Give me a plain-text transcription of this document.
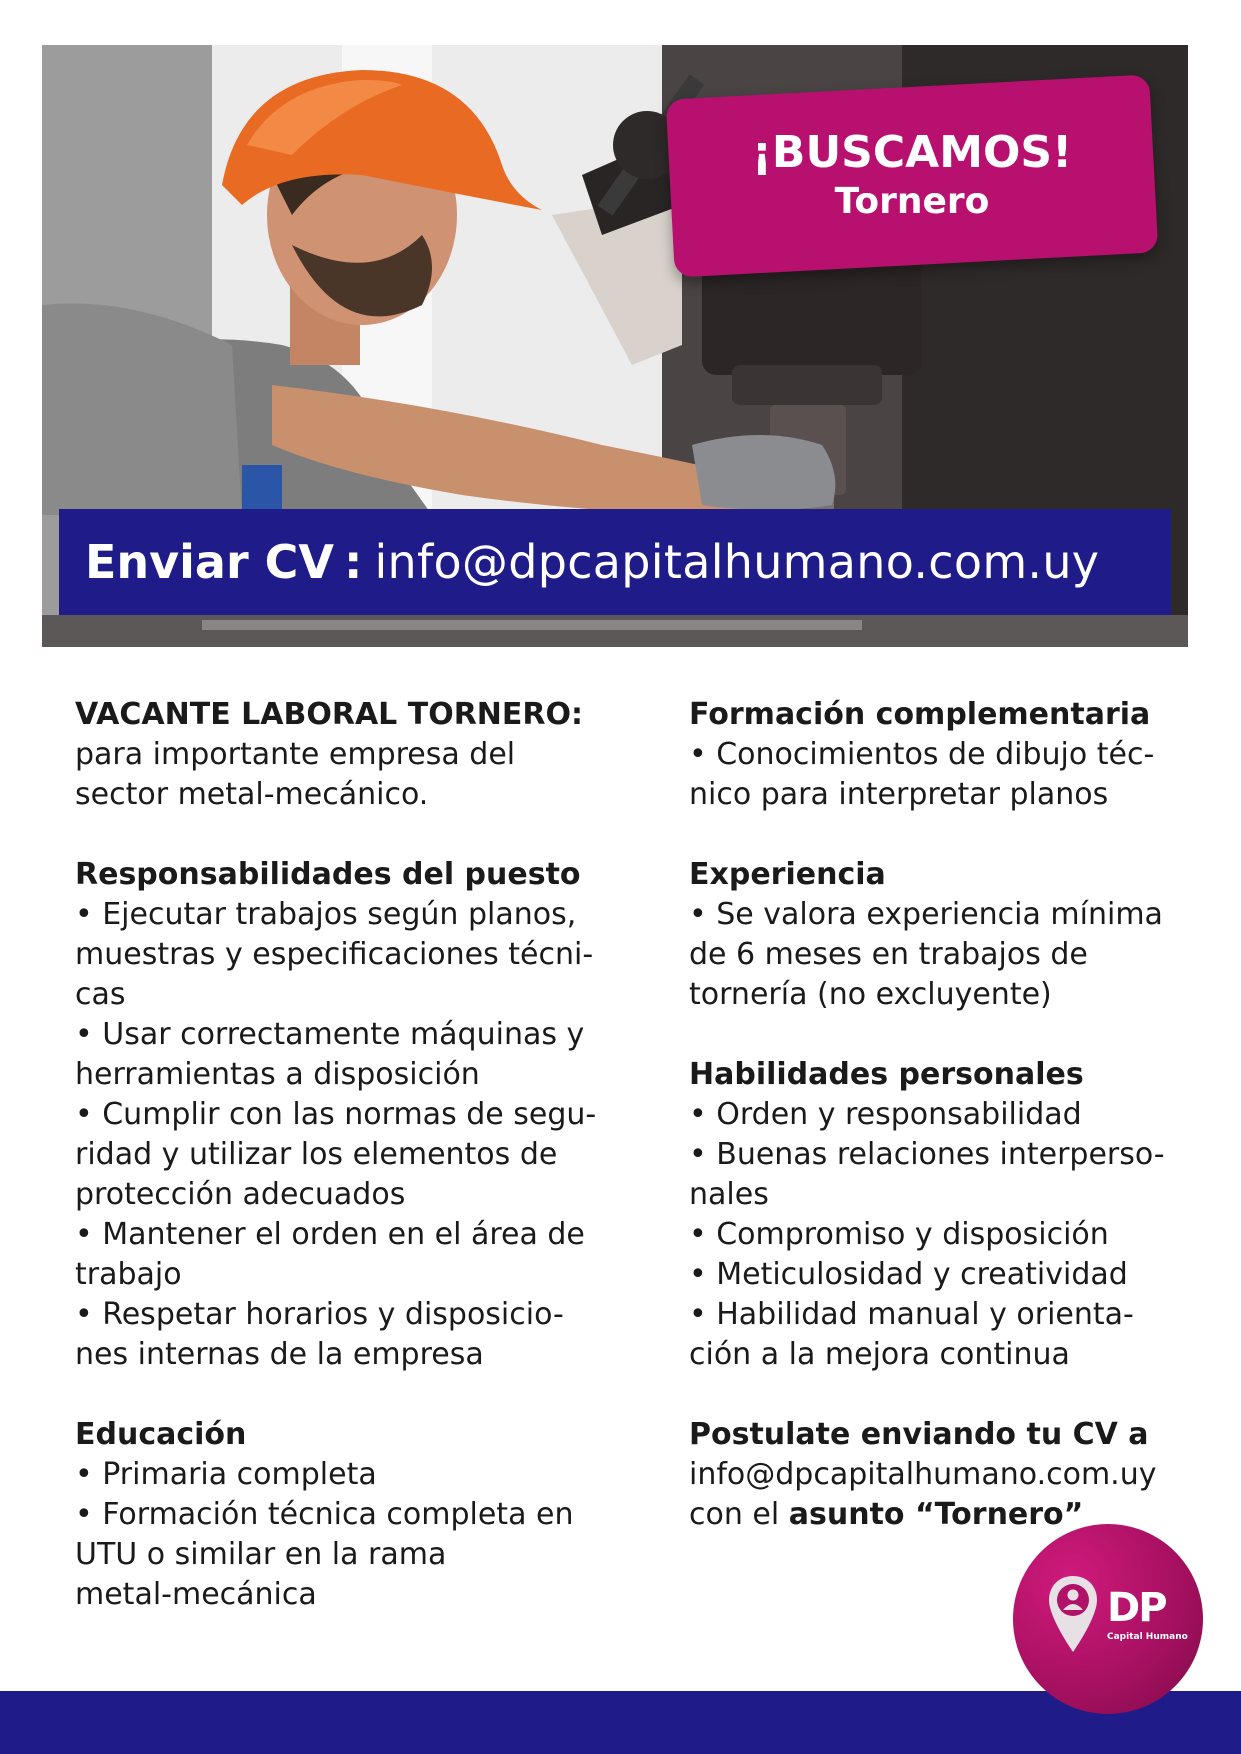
¡BUSCAMOS!
Tornero
Enviar CV : info@dpcapitalhumano.com.uy
VACANTE LABORAL TORNERO:
para importante empresa del
sector metal-mecánico.
Responsabilidades del puesto
• Ejecutar trabajos según planos,
muestras y especificaciones técni-
cas
• Usar correctamente máquinas y
herramientas a disposición
• Cumplir con las normas de segu-
ridad y utilizar los elementos de
protección adecuados
• Mantener el orden en el área de
trabajo
• Respetar horarios y disposicio-
nes internas de la empresa
Educación
• Primaria completa
• Formación técnica completa en
UTU o similar en la rama
metal-mecánica
Formación complementaria
• Conocimientos de dibujo téc-
nico para interpretar planos
Experiencia
• Se valora experiencia mínima
de 6 meses en trabajos de
tornería (no excluyente)
Habilidades personales
• Orden y responsabilidad
• Buenas relaciones interperso-
nales
• Compromiso y disposición
• Meticulosidad y creatividad
• Habilidad manual y orienta-
ción a la mejora continua
Postulate enviando tu CV a
info@dpcapitalhumano.com.uy
con el asunto “Tornero”
DP
Capital Humano
